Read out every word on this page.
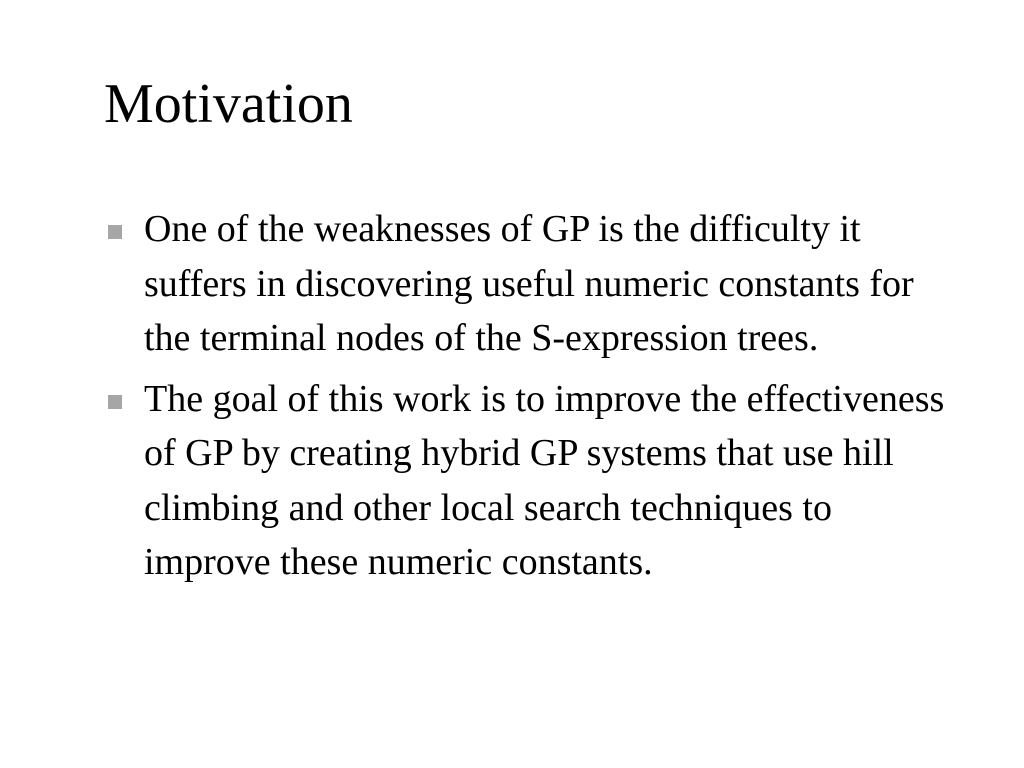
Motivation
One of the weaknesses of GP is the difficulty it suffers in discovering useful numeric constants for the terminal nodes of the S-expression trees.
The goal of this work is to improve the effectiveness of GP by creating hybrid GP systems that use hill climbing and other local search techniques to improve these numeric constants.
